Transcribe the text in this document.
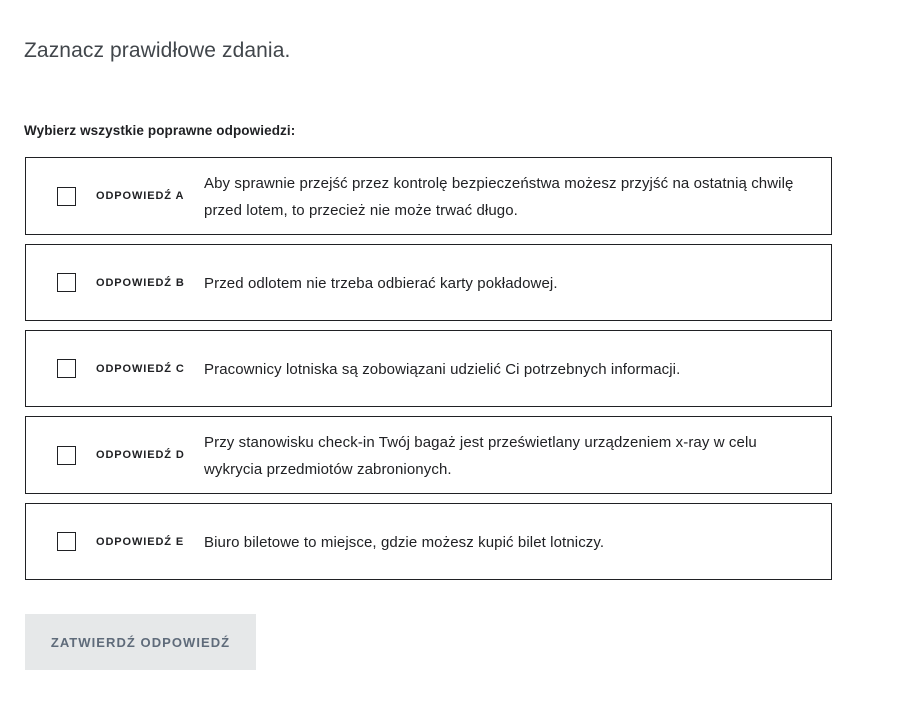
Zaznacz prawidłowe zdania.
Wybierz wszystkie poprawne odpowiedzi:
ODPOWIEDŹ A
Aby sprawnie przejść przez kontrolę bezpieczeństwa możesz przyjść na ostatnią chwilę przed lotem, to przecież nie może trwać długo.
ODPOWIEDŹ B Przed odlotem nie trzeba odbierać karty pokładowej.
ODPOWIEDŹ C Pracownicy lotniska są zobowiązani udzielić Ci potrzebnych informacji.
ODPOWIEDŹ D
Przy stanowisku check-in Twój bagaż jest prześwietlany urządzeniem x-ray w celu wykrycia przedmiotów zabronionych.
ODPOWIEDŹ E Biuro biletowe to miejsce, gdzie możesz kupić bilet lotniczy.
ZATWIERDŹ ODPOWIEDŹ
